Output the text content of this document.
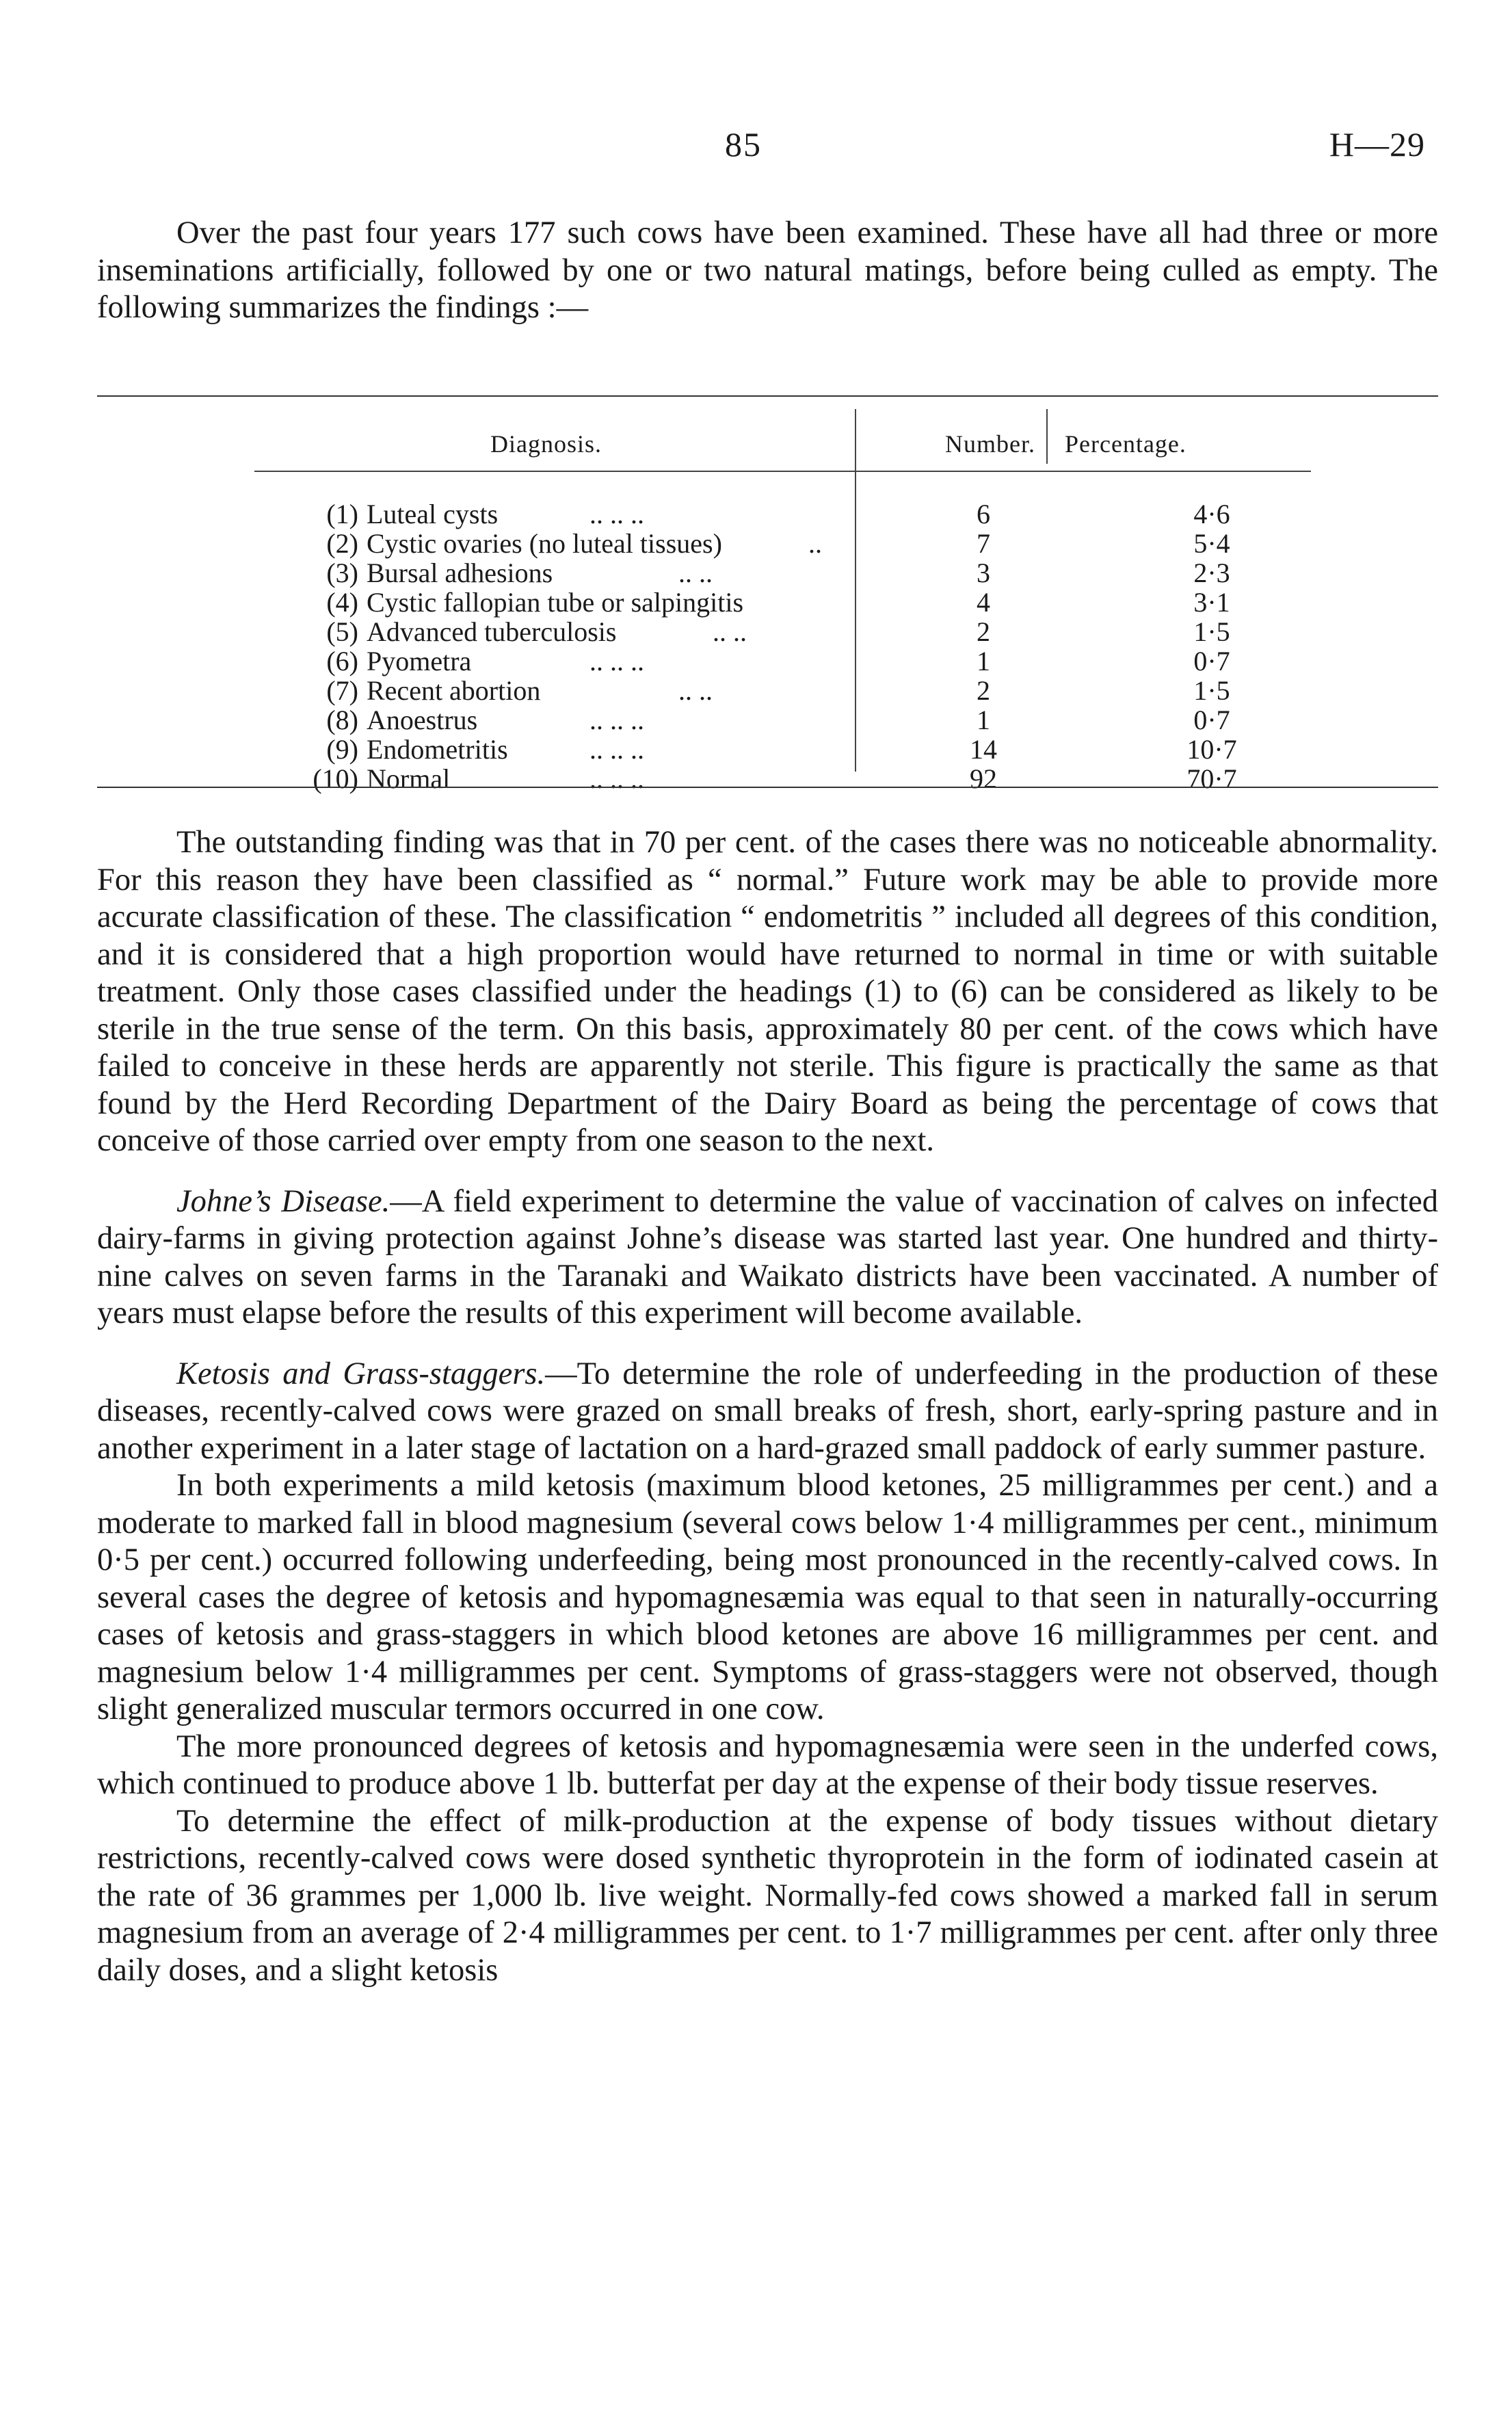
85	H—29

Over the past four years 177 such cows have been examined. These have all had three or more inseminations artificially, followed by one or two natural matings, before being culled as empty. The following summarizes the findings :—

Diagnosis.	Number. Percentage.
(1) Luteal cysts	.. .. ..	6	4·6
(2) Cystic ovaries (no luteal tissues)	..	7	5·4
(3) Bursal adhesions	.. ..	3	2·3
(4) Cystic fallopian tube or salpingitis	4	3·1
(5) Advanced tuberculosis	.. ..	2	1·5
(6) Pyometra	.. .. ..	1	0·7
(7) Recent abortion	.. ..	2	1·5
(8) Anoestrus	.. .. ..	1	0·7
(9) Endometritis	.. .. ..	14	10·7
(10) Normal	.. .. ..	92	70·7

The outstanding finding was that in 70 per cent. of the cases there was no noticeable abnormality. For this reason they have been classified as “ normal.” Future work may be able to provide more accurate classification of these. The classification “ endometritis ” included all degrees of this condition, and it is considered that a high proportion would have returned to normal in time or with suitable treatment. Only those cases classified under the headings (1) to (6) can be considered as likely to be sterile in the true sense of the term. On this basis, approximately 80 per cent. of the cows which have failed to conceive in these herds are apparently not sterile. This figure is practically the same as that found by the Herd Recording Department of the Dairy Board as being the percentage of cows that conceive of those carried over empty from one season to the next.

Johne’s Disease.—A field experiment to determine the value of vaccination of calves on infected dairy-farms in giving protection against Johne’s disease was started last year. One hundred and thirty-nine calves on seven farms in the Taranaki and Waikato districts have been vaccinated. A number of years must elapse before the results of this experiment will become available.

Ketosis and Grass-staggers.—To determine the role of underfeeding in the production of these diseases, recently-calved cows were grazed on small breaks of fresh, short, early-spring pasture and in another experiment in a later stage of lactation on a hard-grazed small paddock of early summer pasture.

In both experiments a mild ketosis (maximum blood ketones, 25 milligrammes per cent.) and a moderate to marked fall in blood magnesium (several cows below 1·4 milligrammes per cent., minimum 0·5 per cent.) occurred following underfeeding, being most pronounced in the recently-calved cows. In several cases the degree of ketosis and hypomagnesæmia was equal to that seen in naturally-occurring cases of ketosis and grass-staggers in which blood ketones are above 16 milligrammes per cent. and magnesium below 1·4 milligrammes per cent. Symptoms of grass-staggers were not observed, though slight generalized muscular termors occurred in one cow.

The more pronounced degrees of ketosis and hypomagnesæmia were seen in the underfed cows, which continued to produce above 1 lb. butterfat per day at the expense of their body tissue reserves.

To determine the effect of milk-production at the expense of body tissues without dietary restrictions, recently-calved cows were dosed synthetic thyroprotein in the form of iodinated casein at the rate of 36 grammes per 1,000 lb. live weight. Normally-fed cows showed a marked fall in serum magnesium from an average of 2·4 milligrammes per cent. to 1·7 milligrammes per cent. after only three daily doses, and a slight ketosis
